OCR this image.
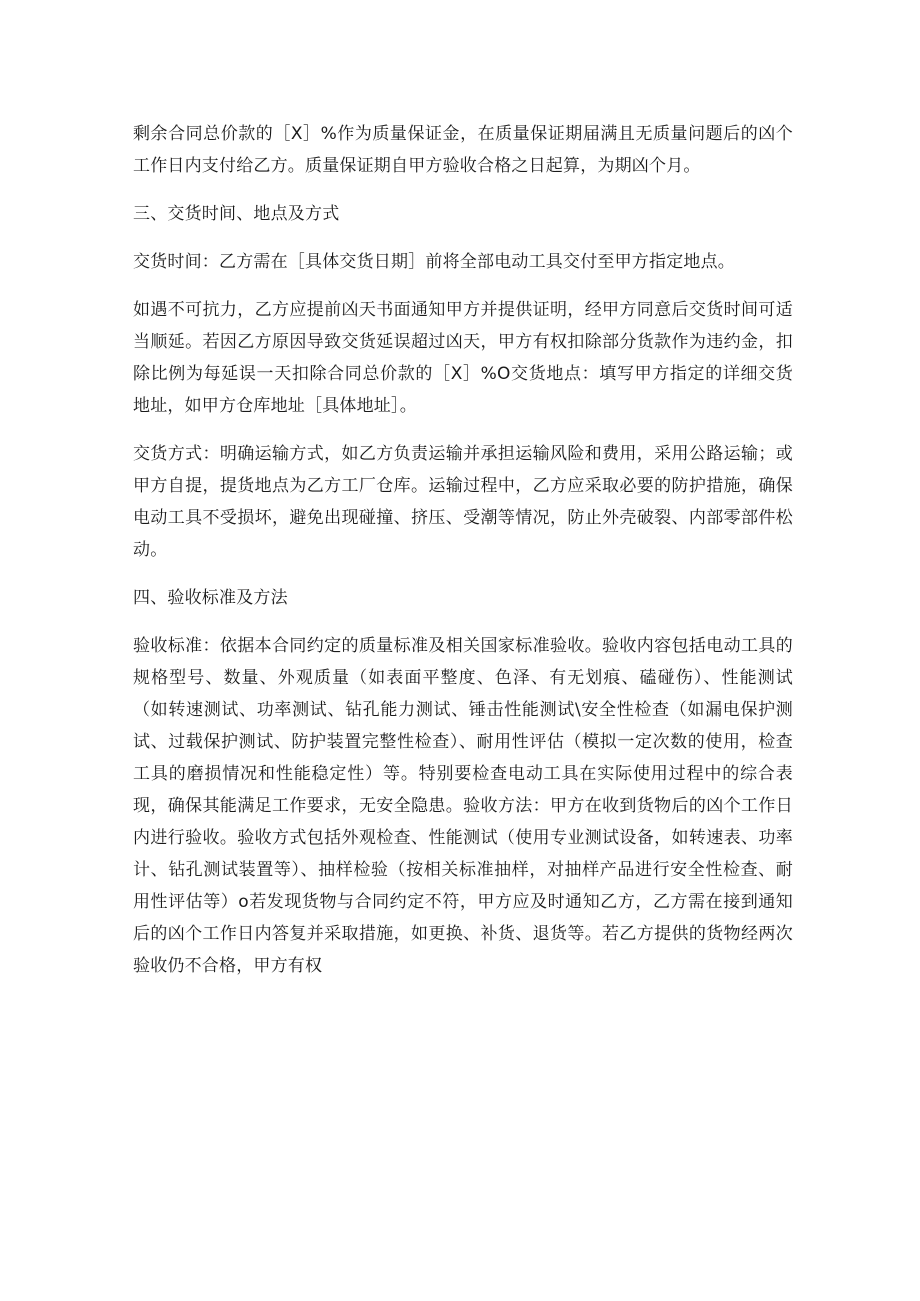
剩余合同总价款的［X］%作为质量保证金，在质量保证期届满且无质量问题后的凶个工作日内支付给乙方。质量保证期自甲方验收合格之日起算，为期凶个月。

三、交货时间、地点及方式

交货时间：乙方需在［具体交货日期］前将全部电动工具交付至甲方指定地点。

如遇不可抗力，乙方应提前凶天书面通知甲方并提供证明，经甲方同意后交货时间可适当顺延。若因乙方原因导致交货延误超过凶天，甲方有权扣除部分货款作为违约金，扣除比例为每延误一天扣除合同总价款的［X］%O交货地点：填写甲方指定的详细交货地址，如甲方仓库地址［具体地址］。

交货方式：明确运输方式，如乙方负责运输并承担运输风险和费用，采用公路运输；或甲方自提，提货地点为乙方工厂仓库。运输过程中，乙方应采取必要的防护措施，确保电动工具不受损坏，避免出现碰撞、挤压、受潮等情况，防止外壳破裂、内部零部件松动。

四、验收标准及方法

验收标准：依据本合同约定的质量标准及相关国家标准验收。验收内容包括电动工具的规格型号、数量、外观质量（如表面平整度、色泽、有无划痕、磕碰伤）、性能测试（如转速测试、功率测试、钻孔能力测试、锤击性能测试\安全性检查（如漏电保护测试、过载保护测试、防护装置完整性检查）、耐用性评估（模拟一定次数的使用，检查工具的磨损情况和性能稳定性）等。特别要检查电动工具在实际使用过程中的综合表现，确保其能满足工作要求，无安全隐患。验收方法：甲方在收到货物后的凶个工作日内进行验收。验收方式包括外观检查、性能测试（使用专业测试设备，如转速表、功率计、钻孔测试装置等）、抽样检验（按相关标准抽样，对抽样产品进行安全性检查、耐用性评估等）o若发现货物与合同约定不符，甲方应及时通知乙方，乙方需在接到通知后的凶个工作日内答复并采取措施，如更换、补货、退货等。若乙方提供的货物经两次验收仍不合格，甲方有权
